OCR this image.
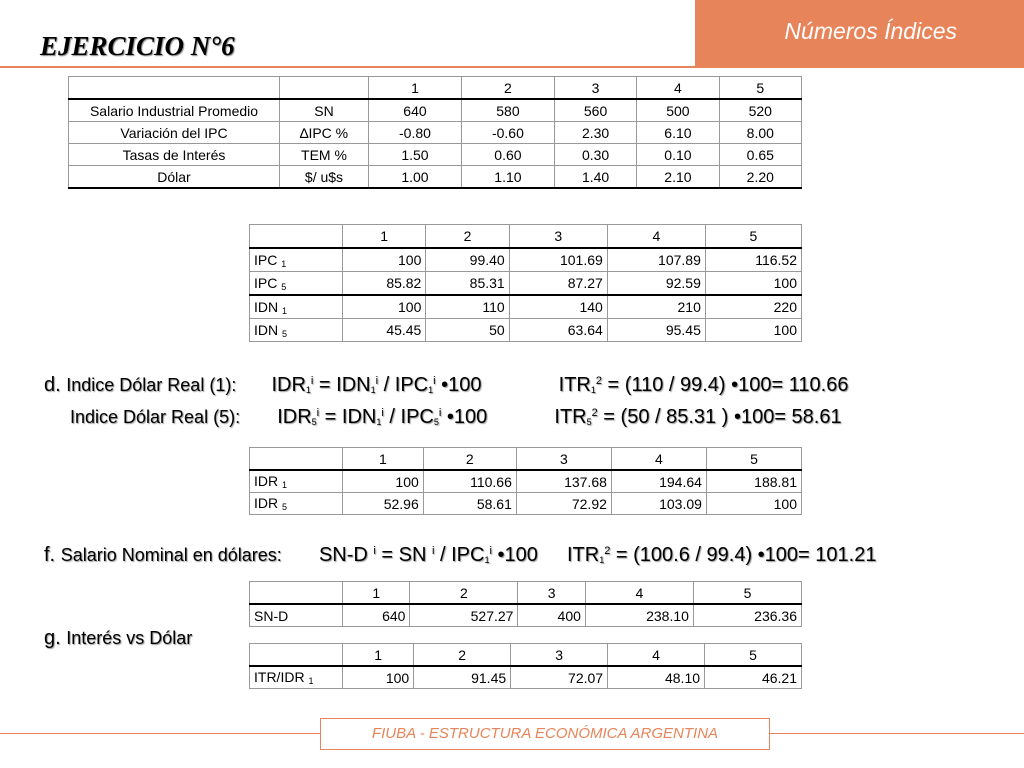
Números Índices
EJERCICIO N°6
		1	2	3	4	5
Salario Industrial Promedio	SN	640	580	560	500	520
Variación del IPC	∆IPC %	-0.80	-0.60	2.30	6.10	8.00
Tasas de Interés	TEM %	1.50	0.60	0.30	0.10	0.65
Dólar	$/ u$s	1.00	1.10	1.40	2.10	2.20
	1	2	3	4	5
IPC $_1$	100	99.40	101.69	107.89	116.52
IPC $_5$	85.82	85.31	87.27	92.59	100
IDN $_1$	100	110	140	210	220
IDN $_5$	45.45	50	63.64	95.45	100
d. Indice Dólar Real (1): $IDR_1^i = IDN_1^i / IPC_1^i$ •100	$ITR_1^2 = (110 / 99.4)$ •100= 110.66
Indice Dólar Real (5): $IDR_5^i = IDN_1^i / IPC_5^i$ •100	$ITR_5^2 = (50 / 85.31$ ) •100= 58.61
	1	2	3	4	5
IDR $_1$	100	110.66	137.68	194.64	188.81
IDR $_5$	52.96	58.61	72.92	103.09	100
f. Salario Nominal en dólares: SN-D $^i$ = SN $^i / IPC_1^i$ •100 $ITR_1^2 = (100.6 / 99.4)$ •100= 101.21
	1	2	3	4	5
SN-D	640	527.27	400	238.10	236.36
g. Interés vs Dólar
	1	2	3	4	5
ITR/IDR $_1$	100	91.45	72.07	48.10	46.21
FIUBA - ESTRUCTURA ECONÓMICA ARGENTINA
